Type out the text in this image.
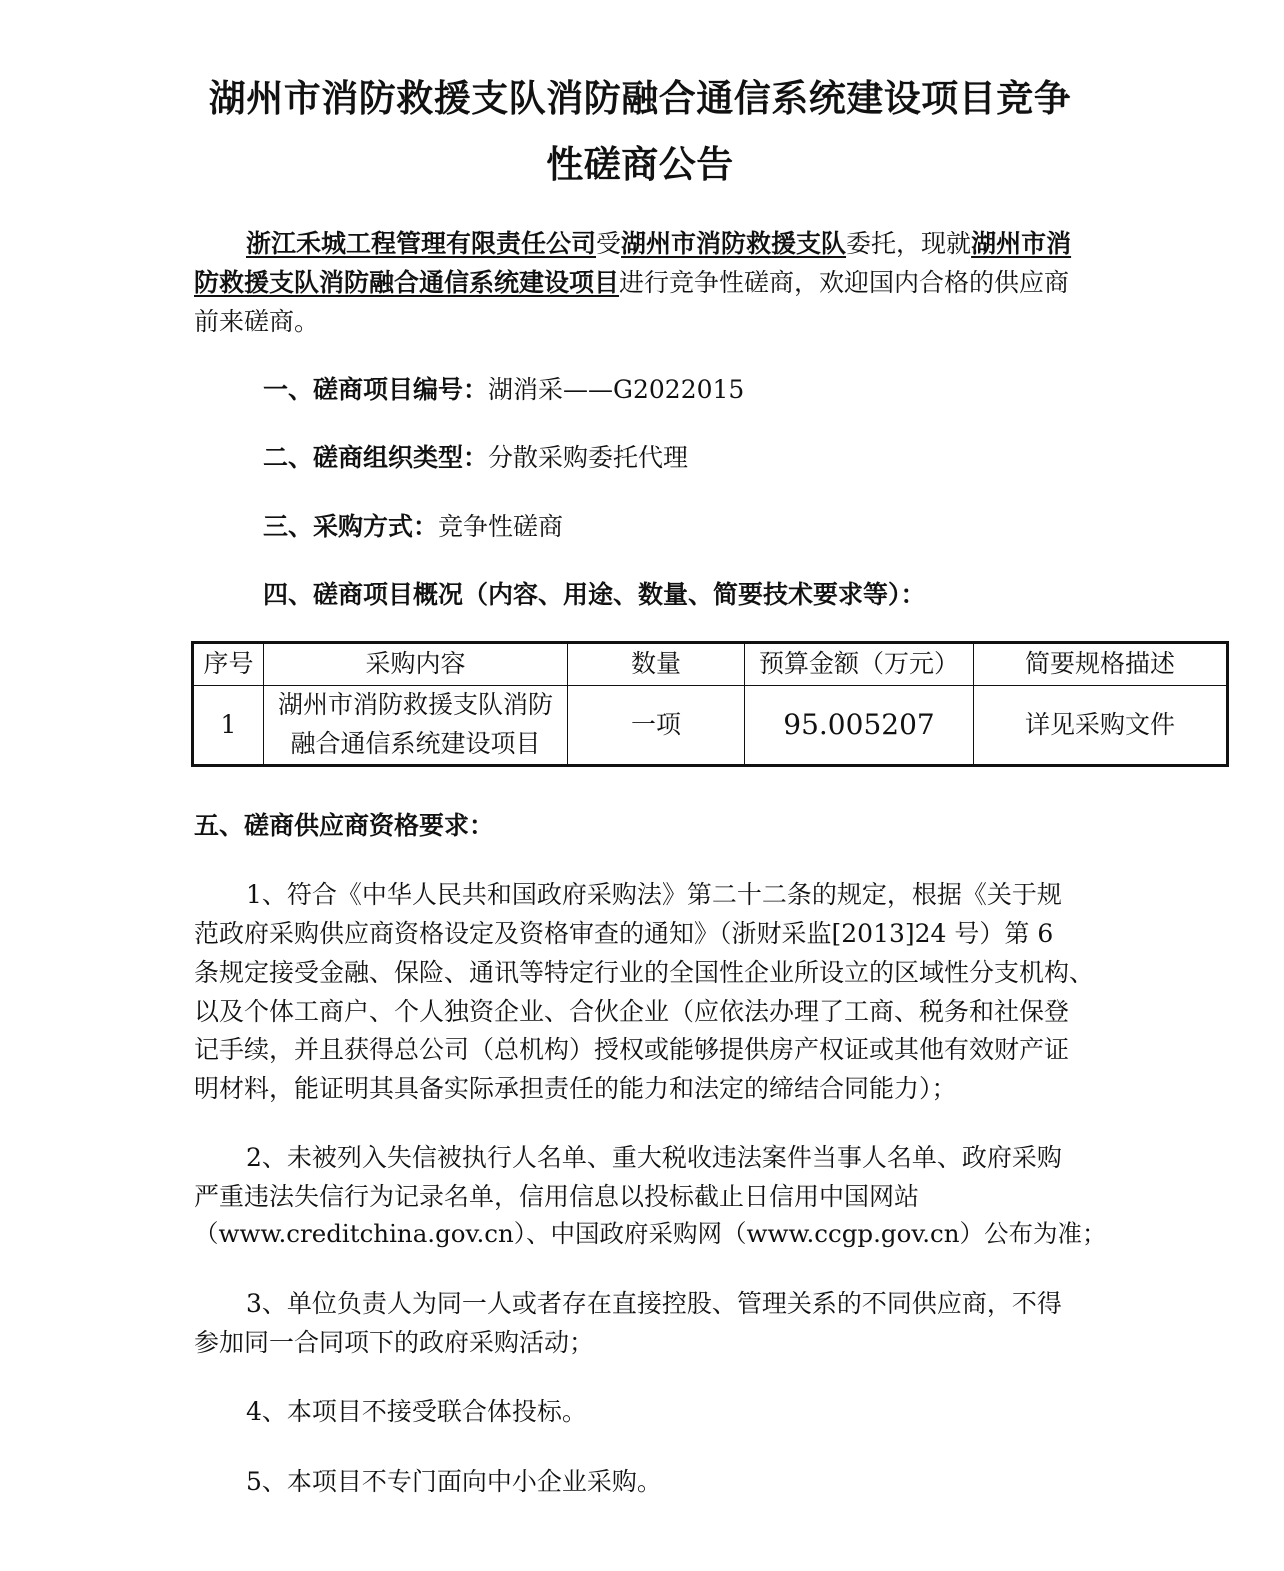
湖州市消防救援支队消防融合通信系统建设项目竞争
性磋商公告

浙江禾城工程管理有限责任公司受湖州市消防救援支队委托，现就湖州市消

防救援支队消防融合通信系统建设项目进行竞争性磋商，欢迎国内合格的供应商

前来磋商。

一、磋商项目编号：湖消采——G2022015

二、磋商组织类型：分散采购委托代理

三、采购方式：竞争性磋商

四、磋商项目概况（内容、用途、数量、简要技术要求等）：

序号	采购内容	数量	预算金额（万元）	简要规格描述
1	湖州市消防救援支队消防
融合通信系统建设项目	一项	95.005207	详见采购文件

五、磋商供应商资格要求：

1、符合《中华人民共和国政府采购法》第二十二条的规定，根据《关于规

范政府采购供应商资格设定及资格审查的通知》（浙财采监[2013]24 号）第 6

条规定接受金融、保险、通讯等特定行业的全国性企业所设立的区域性分支机构、

以及个体工商户、个人独资企业、合伙企业（应依法办理了工商、税务和社保登

记手续，并且获得总公司（总机构）授权或能够提供房产权证或其他有效财产证

明材料，能证明其具备实际承担责任的能力和法定的缔结合同能力）；

2、未被列入失信被执行人名单、重大税收违法案件当事人名单、政府采购

严重违法失信行为记录名单，信用信息以投标截止日信用中国网站

（www.creditchina.gov.cn）、中国政府采购网（www.ccgp.gov.cn）公布为准；

3、单位负责人为同一人或者存在直接控股、管理关系的不同供应商，不得

参加同一合同项下的政府采购活动；

4、本项目不接受联合体投标。

5、本项目不专门面向中小企业采购。
